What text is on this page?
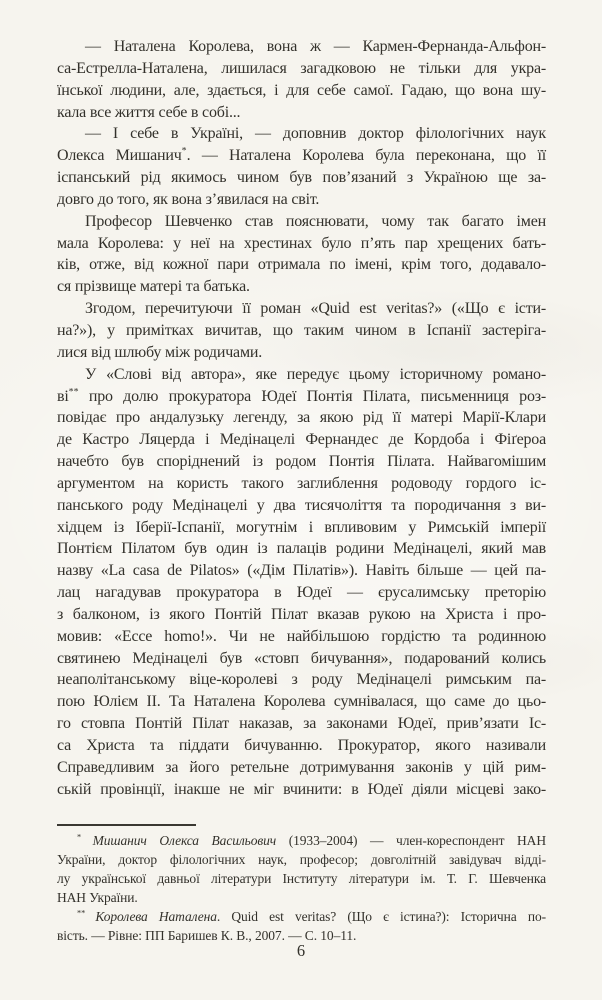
— Наталена Королева, вона ж — Кармен-Фернанда-Альфон-
са-Естрелла-Наталена, лишилася загадковою не тільки для укра-
їнської людини, але, здається, і для себе самої. Гадаю, що вона шу-
кала все життя себе в собі...
— І себе в Україні, — доповнив доктор філологічних наук
Олекса Мишанич*. — Наталена Королева була переконана, що її
іспанський рід якимось чином був пов’язаний з Україною ще за-
довго до того, як вона з’явилася на світ.
Професор Шевченко став пояснювати, чому так багато імен
мала Королева: у неї на хрестинах було п’ять пар хрещених бать-
ків, отже, від кожної пари отримала по імені, крім того, додавало-
ся прізвище матері та батька.
Згодом, перечитуючи її роман «Quid est veritas?» («Що є істи-
на?»), у примітках вичитав, що таким чином в Іспанії застеріга-
лися від шлюбу між родичами.
У «Слові від автора», яке передує цьому історичному романо-
ві** про долю прокуратора Юдеї Понтія Пілата, письменниця роз-
повідає про андалузьку легенду, за якою рід її матері Марії-Клари
де Кастро Ляцерда і Медінацелі Фернандес де Кордоба і Фіґероа
начебто був споріднений із родом Понтія Пілата. Найвагомішим
аргументом на користь такого заглиблення родоводу гордого іс-
панського роду Медінацелі у два тисячоліття та породичання з ви-
хідцем із Іберії-Іспанії, могутнім і впливовим у Римській імперії
Понтієм Пілатом був один із палаців родини Медінацелі, який мав
назву «La casa de Pilatos» («Дім Пілатів»). Навіть більше — цей па-
лац нагадував прокуратора в Юдеї — єрусалимську преторію
з балконом, із якого Понтій Пілат вказав рукою на Христа і про-
мовив: «Ecce homo!». Чи не найбільшою гордістю та родинною
святинею Медінацелі був «стовп бичування», подарований колись
неаполітанському віце-королеві з роду Медінацелі римським па-
пою Юлієм II. Та Наталена Королева сумнівалася, що саме до цьо-
го стовпа Понтій Пілат наказав, за законами Юдеї, прив’язати Іс-
са Христа та піддати бичуванню. Прокуратор, якого називали
Справедливим за його ретельне дотримування законів у цій рим-
ській провінції, інакше не міг вчинити: в Юдеї діяли місцеві зако-
* Мишанич Олекса Васильович (1933–2004) — член-кореспондент НАН
України, доктор філологічних наук, професор; довголітній завідувач відді-
лу української давньої літератури Інституту літератури ім. Т. Г. Шевченка
НАН України.
** Королева Наталена. Quid est veritas? (Що є істина?): Історична по-
вість. — Рівне: ПП Баришев К. В., 2007. — С. 10–11.
6
